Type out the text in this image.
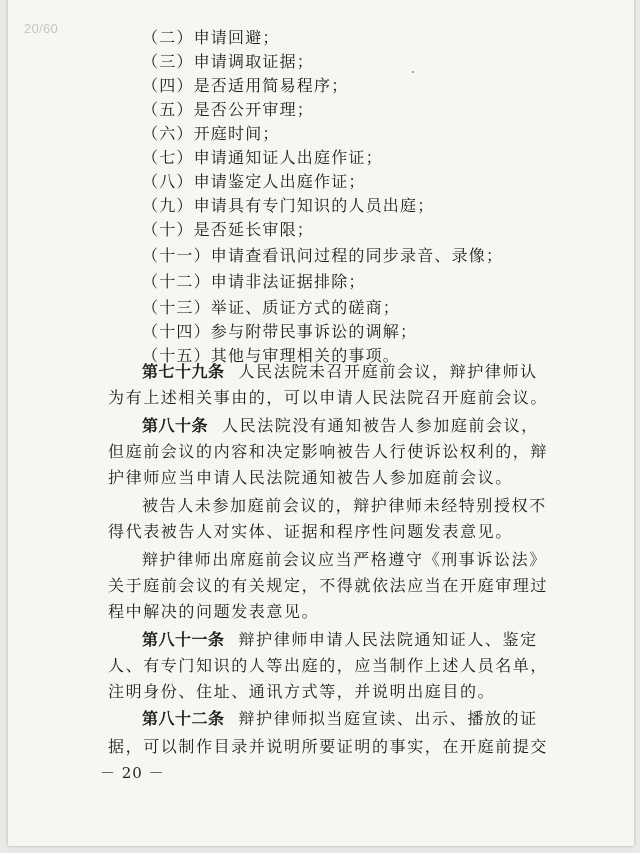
20/60	（二）申请回避；
（三）申请调取证据；
（四）是否适用简易程序；
（五）是否公开审理；
（六）开庭时间；
（七）申请通知证人出庭作证；
（八）申请鉴定人出庭作证；
（九）申请具有专门知识的人员出庭；
（十）是否延长审限；
（十一）申请查看讯问过程的同步录音、录像；
（十二）申请非法证据排除；
（十三）举证、质证方式的磋商；
（十四）参与附带民事诉讼的调解；
（十五）其他与审理相关的事项。
第七十九条 人民法院未召开庭前会议，辩护律师认
为有上述相关事由的，可以申请人民法院召开庭前会议。
第八十条 人民法院没有通知被告人参加庭前会议，
但庭前会议的内容和决定影响被告人行使诉讼权利的，辩
护律师应当申请人民法院通知被告人参加庭前会议。
被告人未参加庭前会议的，辩护律师未经特别授权不
得代表被告人对实体、证据和程序性问题发表意见。
辩护律师出席庭前会议应当严格遵守《刑事诉讼法》
关于庭前会议的有关规定，不得就依法应当在开庭审理过
程中解决的问题发表意见。
第八十一条 辩护律师申请人民法院通知证人、鉴定
人、有专门知识的人等出庭的，应当制作上述人员名单，
注明身份、住址、通讯方式等，并说明出庭目的。
第八十二条 辩护律师拟当庭宣读、出示、播放的证
据，可以制作目录并说明所要证明的事实，在开庭前提交
－ 20 －
